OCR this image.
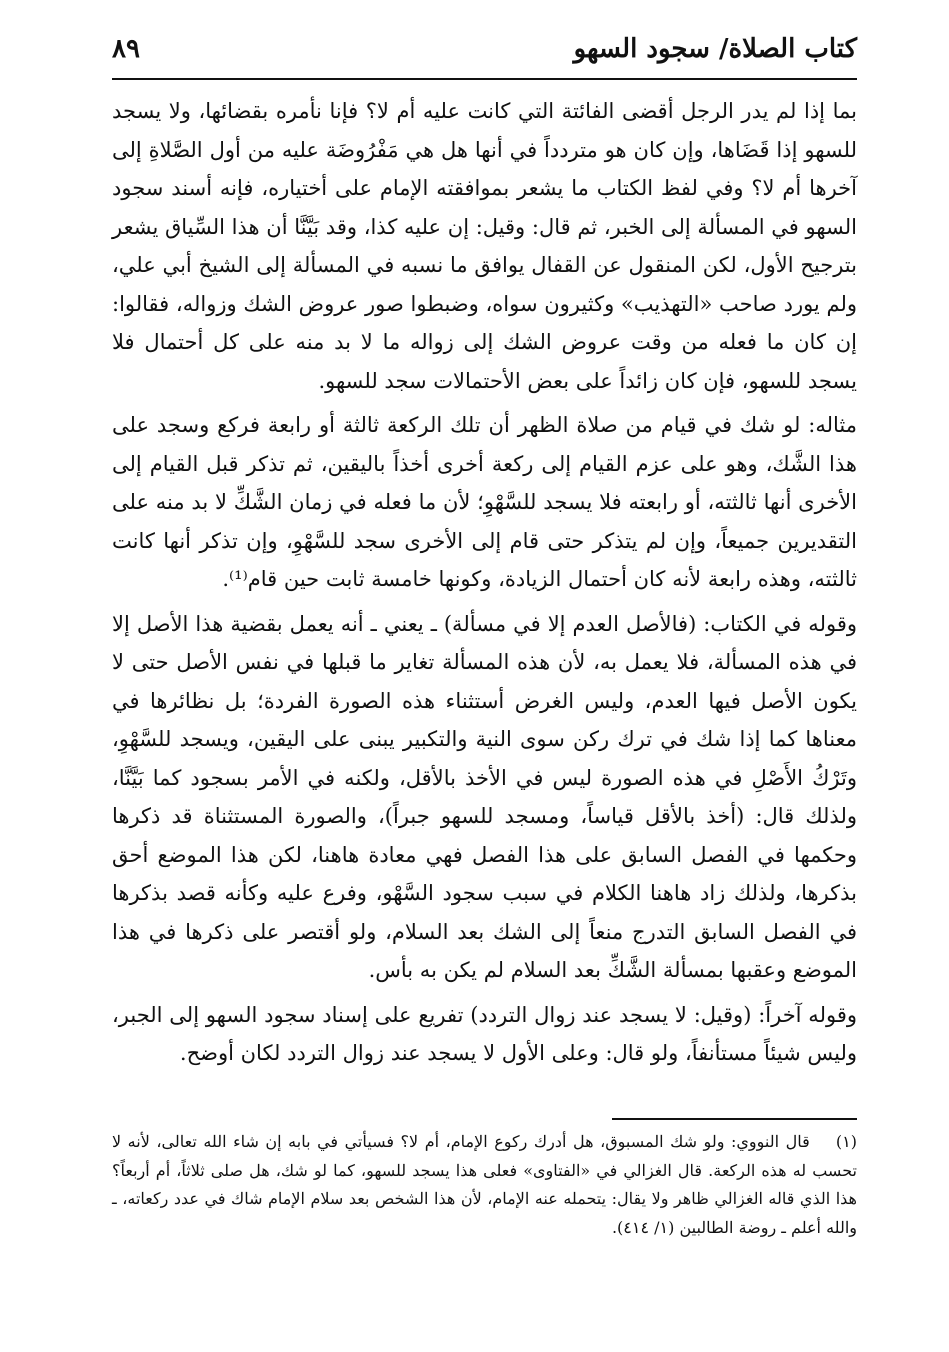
كتاب الصلاة/ سجود السهو
٨٩

بما إذا لم يدر الرجل أقضى الفائتة التي كانت عليه أم لا؟ فإنا نأمره بقضائها، ولا يسجد للسهو إذا قَضَاها، وإن كان هو متردداً في أنها هل هي مَفْرُوضَة عليه من أول الصَّلاةِ إلى آخرها أم لا؟ وفي لفظ الكتاب ما يشعر بموافقته الإمام على أختياره، فإنه أسند سجود السهو في المسألة إلى الخبر، ثم قال: وقيل: إن عليه كذا، وقد بَيَّنَّا أن هذا السِّياق يشعر بترجيح الأول، لكن المنقول عن القفال يوافق ما نسبه في المسألة إلى الشيخ أبي علي، ولم يورد صاحب «التهذيب» وكثيرون سواه، وضبطوا صور عروض الشك وزواله، فقالوا: إن كان ما فعله من وقت عروض الشك إلى زواله ما لا بد منه على كل أحتمال فلا يسجد للسهو، فإن كان زائداً على بعض الأحتمالات سجد للسهو.

مثاله: لو شك في قيام من صلاة الظهر أن تلك الركعة ثالثة أو رابعة فركع وسجد على هذا الشَّك، وهو على عزم القيام إلى ركعة أخرى أخذاً باليقين، ثم تذكر قبل القيام إلى الأخرى أنها ثالثته، أو رابعته فلا يسجد للسَّهْوِ؛ لأن ما فعله في زمان الشَّكِّ لا بد منه على التقديرين جميعاً، وإن لم يتذكر حتى قام إلى الأخرى سجد للسَّهْوِ، وإن تذكر أنها كانت ثالثته، وهذه رابعة لأنه كان أحتمال الزيادة، وكونها خامسة ثابت حين قام⁽¹⁾.

وقوله في الكتاب: (فالأصل العدم إلا في مسألة) ـ يعني ـ أنه يعمل بقضية هذا الأصل إلا في هذه المسألة، فلا يعمل به، لأن هذه المسألة تغاير ما قبلها في نفس الأصل حتى لا يكون الأصل فيها العدم، وليس الغرض أستثناء هذه الصورة الفردة؛ بل نظائرها في معناها كما إذا شك في ترك ركن سوى النية والتكبير يبنى على اليقين، ويسجد للسَّهْوِ، وتَرْكُ الأَصْلِ في هذه الصورة ليس في الأخذ بالأقل، ولكنه في الأمر بسجود كما بَيَّنَّا، ولذلك قال: (أخذ بالأقل قياساً، ومسجد للسهو جبراً)، والصورة المستثناة قد ذكرها وحكمها في الفصل السابق على هذا الفصل فهي معادة هاهنا، لكن هذا الموضع أحق بذكرها، ولذلك زاد هاهنا الكلام في سبب سجود السَّهْو، وفرع عليه وكأنه قصد بذكرها في الفصل السابق التدرج منعاً إلى الشك بعد السلام، ولو أقتصر على ذكرها في هذا الموضع وعقبها بمسألة الشَّكِّ بعد السلام لم يكن به بأس.

وقوله آخراً: (وقيل: لا يسجد عند زوال التردد) تفريع على إسناد سجود السهو إلى الجبر، وليس شيئاً مستأنفاً، ولو قال: وعلى الأول لا يسجد عند زوال التردد لكان أوضح.

(١)    قال النووي: ولو شك المسبوق، هل أدرك ركوع الإمام، أم لا؟ فسيأتي في بابه إن شاء الله تعالى، لأنه لا تحسب له هذه الركعة. قال الغزالي في «الفتاوى» فعلى هذا يسجد للسهو، كما لو شك، هل صلى ثلاثاً، أم أربعاً؟ هذا الذي قاله الغزالي ظاهر ولا يقال: يتحمله عنه الإمام، لأن هذا الشخص بعد سلام الإمام شاك في عدد ركعاته، ـ والله أعلم ـ روضة الطالبين (١/ ٤١٤).
